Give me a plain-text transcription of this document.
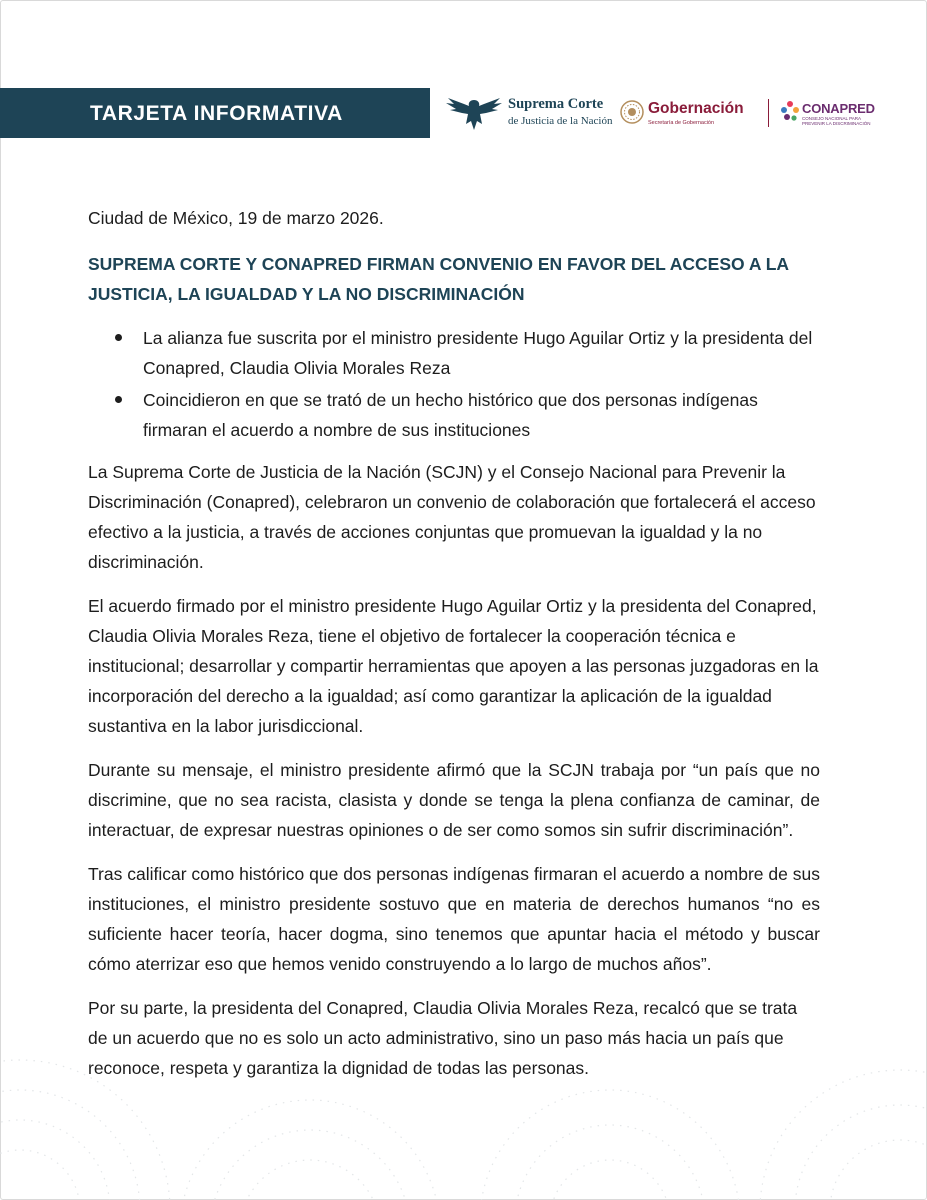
TARJETA INFORMATIVA	Suprema Corte
de Justicia de la Nación
Gobernación
Secretaría de Gobernación
CONAPRED
CONSEJO NACIONAL PARA PREVENIR LA DISCRIMINACIÓN

Ciudad de México, 19 de marzo 2026.

SUPREMA CORTE Y CONAPRED FIRMAN CONVENIO EN FAVOR DEL ACCESO A LA JUSTICIA, LA IGUALDAD Y LA NO DISCRIMINACIÓN

La alianza fue suscrita por el ministro presidente Hugo Aguilar Ortiz y la presidenta del Conapred, Claudia Olivia Morales Reza
Coincidieron en que se trató de un hecho histórico que dos personas indígenas firmaran el acuerdo a nombre de sus instituciones

La Suprema Corte de Justicia de la Nación (SCJN) y el Consejo Nacional para Prevenir la Discriminación (Conapred), celebraron un convenio de colaboración que fortalecerá el acceso efectivo a la justicia, a través de acciones conjuntas que promuevan la igualdad y la no discriminación.

El acuerdo firmado por el ministro presidente Hugo Aguilar Ortiz y la presidenta del Conapred, Claudia Olivia Morales Reza, tiene el objetivo de fortalecer la cooperación técnica e institucional; desarrollar y compartir herramientas que apoyen a las personas juzgadoras en la incorporación del derecho a la igualdad; así como garantizar la aplicación de la igualdad sustantiva en la labor jurisdiccional.

Durante su mensaje, el ministro presidente afirmó que la SCJN trabaja por “un país que no discrimine, que no sea racista, clasista y donde se tenga la plena confianza de caminar, de interactuar, de expresar nuestras opiniones o de ser como somos sin sufrir discriminación”.

Tras calificar como histórico que dos personas indígenas firmaran el acuerdo a nombre de sus instituciones, el ministro presidente sostuvo que en materia de derechos humanos “no es suficiente hacer teoría, hacer dogma, sino tenemos que apuntar hacia el método y buscar cómo aterrizar eso que hemos venido construyendo a lo largo de muchos años”.

Por su parte, la presidenta del Conapred, Claudia Olivia Morales Reza, recalcó que se trata de un acuerdo que no es solo un acto administrativo, sino un paso más hacia un país que reconoce, respeta y garantiza la dignidad de todas las personas.
